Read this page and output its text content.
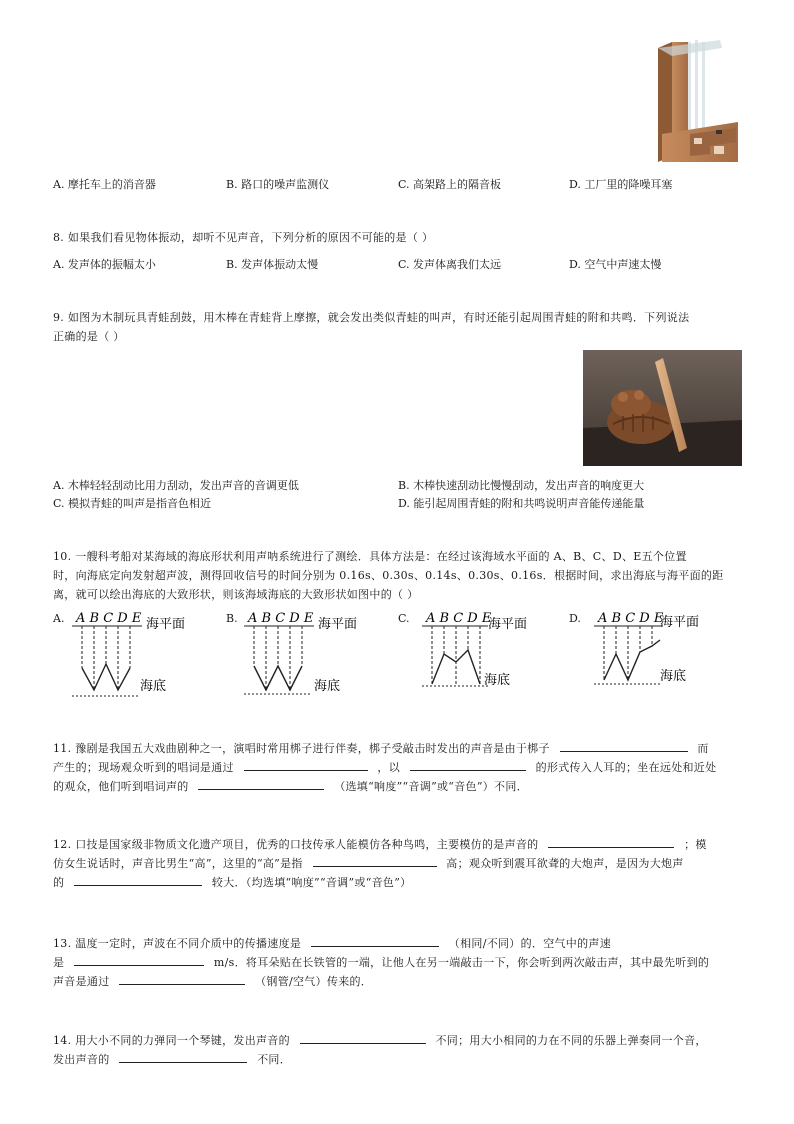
A. 摩托车上的消音器	B. 路口的噪声监测仪	C. 高架路上的隔音板	D. 工厂里的降噪耳塞
8. 如果我们看见物体振动，却听不见声音，下列分析的原因不可能的是（ ）
A. 发声体的振幅太小	B. 发声体振动太慢	C. 发声体离我们太远	D. 空气中声速太慢
9. 如图为木制玩具青蛙刮鼓，用木棒在青蛙背上摩擦，就会发出类似青蛙的叫声，有时还能引起周围青蛙的附和共鸣．下列说法
正确的是（ ）
A. 木棒轻轻刮动比用力刮动，发出声音的音调更低	B. 木棒快速刮动比慢慢刮动，发出声音的响度更大
C. 模拟青蛙的叫声是指音色相近	D. 能引起周围青蛙的附和共鸣说明声音能传递能量
10. 一艘科考船对某海域的海底形状利用声呐系统进行了测绘．具体方法是：在经过该海域水平面的 A、B、C、D、E五个位置
时，向海底定向发射超声波，测得回收信号的时间分别为 0.16s、0.30s、0.14s、0.30s、0.16s．根据时间，求出海底与海平面的距
离，就可以绘出海底的大致形状，则该海域海底的大致形状如图中的（ ）
A. A B C D E 海平面
海底
B. A B C D E 海平面
海底
C. A B C D E
海平面
海底
D. A B C D E
海平面
海底
11. 豫剧是我国五大戏曲剧种之一，演唱时常用梆子进行伴奏，梆子受敲击时发出的声音是由于梆子	而
产生的；现场观众听到的唱词是通过	，以	的形式传入人耳的；坐在远处和近处
的观众，他们听到唱词声的	（选填“响度”“音调”或“音色”）不同．
12. 口技是国家级非物质文化遗产项目，优秀的口技传承人能模仿各种鸟鸣，主要模仿的是声音的	；模
仿女生说话时，声音比男生“高”，这里的“高”是指	高；观众听到震耳欲聋的大炮声，是因为大炮声
的	较大．（均选填“响度”“音调”或“音色”）
13. 温度一定时，声波在不同介质中的传播速度是	（相同/不同）的．空气中的声速
是	m/s．将耳朵贴在长铁管的一端，让他人在另一端敲击一下，你会听到两次敲击声，其中最先听到的
声音是通过	（钢管/空气）传来的．
14. 用大小不同的力弹同一个琴键，发出声音的	不同；用大小相同的力在不同的乐器上弹奏同一个音，
发出声音的	不同．
